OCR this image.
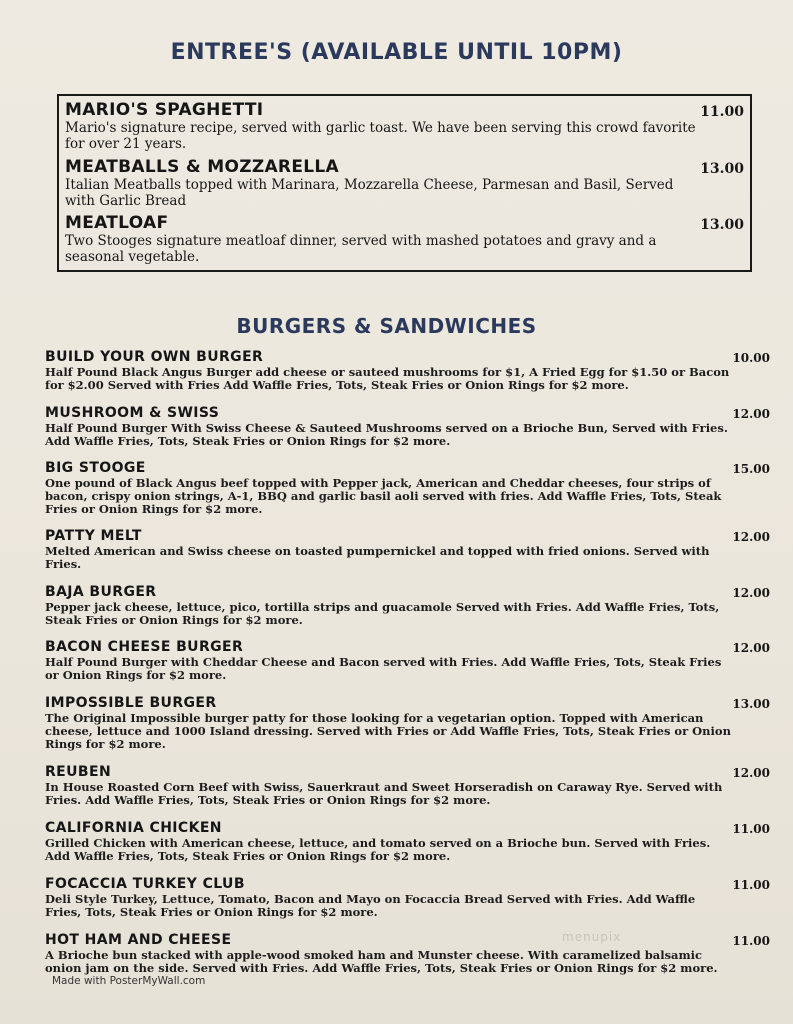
ENTREE'S (AVAILABLE UNTIL 10PM)
MARIO'S SPAGHETTI	11.00
Mario's signature recipe, served with garlic toast. We have been serving this crowd favorite for over 21 years.
MEATBALLS & MOZZARELLA	13.00
Italian Meatballs topped with Marinara, Mozzarella Cheese, Parmesan and Basil, Served with Garlic Bread
MEATLOAF	13.00
Two Stooges signature meatloaf dinner, served with mashed potatoes and gravy and a seasonal vegetable.
BURGERS & SANDWICHES
BUILD YOUR OWN BURGER	10.00
Half Pound Black Angus Burger add cheese or sauteed mushrooms for $1, A Fried Egg for $1.50 or Bacon for $2.00 Served with Fries Add Waffle Fries, Tots, Steak Fries or Onion Rings for $2 more.
MUSHROOM & SWISS	12.00
Half Pound Burger With Swiss Cheese & Sauteed Mushrooms served on a Brioche Bun, Served with Fries. Add Waffle Fries, Tots, Steak Fries or Onion Rings for $2 more.
BIG STOOGE	15.00
One pound of Black Angus beef topped with Pepper jack, American and Cheddar cheeses, four strips of bacon, crispy onion strings, A-1, BBQ and garlic basil aoli served with fries. Add Waffle Fries, Tots, Steak Fries or Onion Rings for $2 more.
PATTY MELT	12.00
Melted American and Swiss cheese on toasted pumpernickel and topped with fried onions. Served with Fries.
BAJA BURGER	12.00
Pepper jack cheese, lettuce, pico, tortilla strips and guacamole Served with Fries. Add Waffle Fries, Tots, Steak Fries or Onion Rings for $2 more.
BACON CHEESE BURGER	12.00
Half Pound Burger with Cheddar Cheese and Bacon served with Fries. Add Waffle Fries, Tots, Steak Fries or Onion Rings for $2 more.
IMPOSSIBLE BURGER	13.00
The Original Impossible burger patty for those looking for a vegetarian option. Topped with American cheese, lettuce and 1000 Island dressing. Served with Fries or Add Waffle Fries, Tots, Steak Fries or Onion Rings for $2 more.
REUBEN	12.00
In House Roasted Corn Beef with Swiss, Sauerkraut and Sweet Horseradish on Caraway Rye. Served with Fries. Add Waffle Fries, Tots, Steak Fries or Onion Rings for $2 more.
CALIFORNIA CHICKEN	11.00
Grilled Chicken with American cheese, lettuce, and tomato served on a Brioche bun. Served with Fries. Add Waffle Fries, Tots, Steak Fries or Onion Rings for $2 more.
FOCACCIA TURKEY CLUB	11.00
Deli Style Turkey, Lettuce, Tomato, Bacon and Mayo on Focaccia Bread Served with Fries. Add Waffle Fries, Tots, Steak Fries or Onion Rings for $2 more.
HOT HAM AND CHEESE	11.00
A Brioche bun stacked with apple-wood smoked ham and Munster cheese. With caramelized balsamic onion jam on the side. Served with Fries. Add Waffle Fries, Tots, Steak Fries or Onion Rings for $2 more.
menupix
Made with PosterMyWall.com
